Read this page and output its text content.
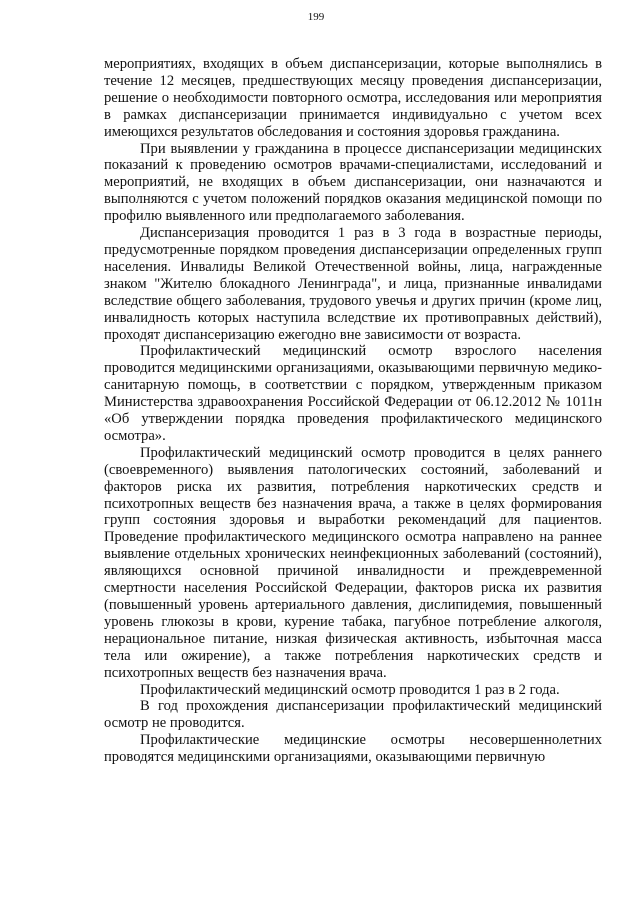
199

мероприятиях, входящих в объем диспансеризации, которые выполнялись в течение 12 месяцев, предшествующих месяцу проведения диспансеризации, решение о необходимости повторного осмотра, исследования или мероприятия в рамках диспансеризации принимается индивидуально с учетом всех имеющихся результатов обследования и состояния здоровья гражданина.

При выявлении у гражданина в процессе диспансеризации медицинских показаний к проведению осмотров врачами-специалистами, исследований и мероприятий, не входящих в объем диспансеризации, они назначаются и выполняются с учетом положений порядков оказания медицинской помощи по профилю выявленного или предполагаемого заболевания.

Диспансеризация проводится 1 раз в 3 года в возрастные периоды, предусмотренные порядком проведения диспансеризации определенных групп населения. Инвалиды Великой Отечественной войны, лица, награжденные знаком "Жителю блокадного Ленинграда", и лица, признанные инвалидами вследствие общего заболевания, трудового увечья и других причин (кроме лиц, инвалидность которых наступила вследствие их противоправных действий), проходят диспансеризацию ежегодно вне зависимости от возраста.

Профилактический медицинский осмотр взрослого населения проводится медицинскими организациями, оказывающими первичную медико-санитарную помощь, в соответствии с порядком, утвержденным приказом Министерства здравоохранения Российской Федерации от 06.12.2012 № 1011н «Об утверждении порядка проведения профилактического медицинского осмотра».

Профилактический медицинский осмотр проводится в целях раннего (своевременного) выявления патологических состояний, заболеваний и факторов риска их развития, потребления наркотических средств и психотропных веществ без назначения врача, а также в целях формирования групп состояния здоровья и выработки рекомендаций для пациентов. Проведение профилактического медицинского осмотра направлено на раннее выявление отдельных хронических неинфекционных заболеваний (состояний), являющихся основной причиной инвалидности и преждевременной смертности населения Российской Федерации, факторов риска их развития (повышенный уровень артериального давления, дислипидемия, повышенный уровень глюкозы в крови, курение табака, пагубное потребление алкоголя, нерациональное питание, низкая физическая активность, избыточная масса тела или ожирение), а также потребления наркотических средств и психотропных веществ без назначения врача.

Профилактический медицинский осмотр проводится 1 раз в 2 года.

В год прохождения диспансеризации профилактический медицинский осмотр не проводится.

Профилактические медицинские осмотры несовершеннолетних проводятся медицинскими организациями, оказывающими первичную
